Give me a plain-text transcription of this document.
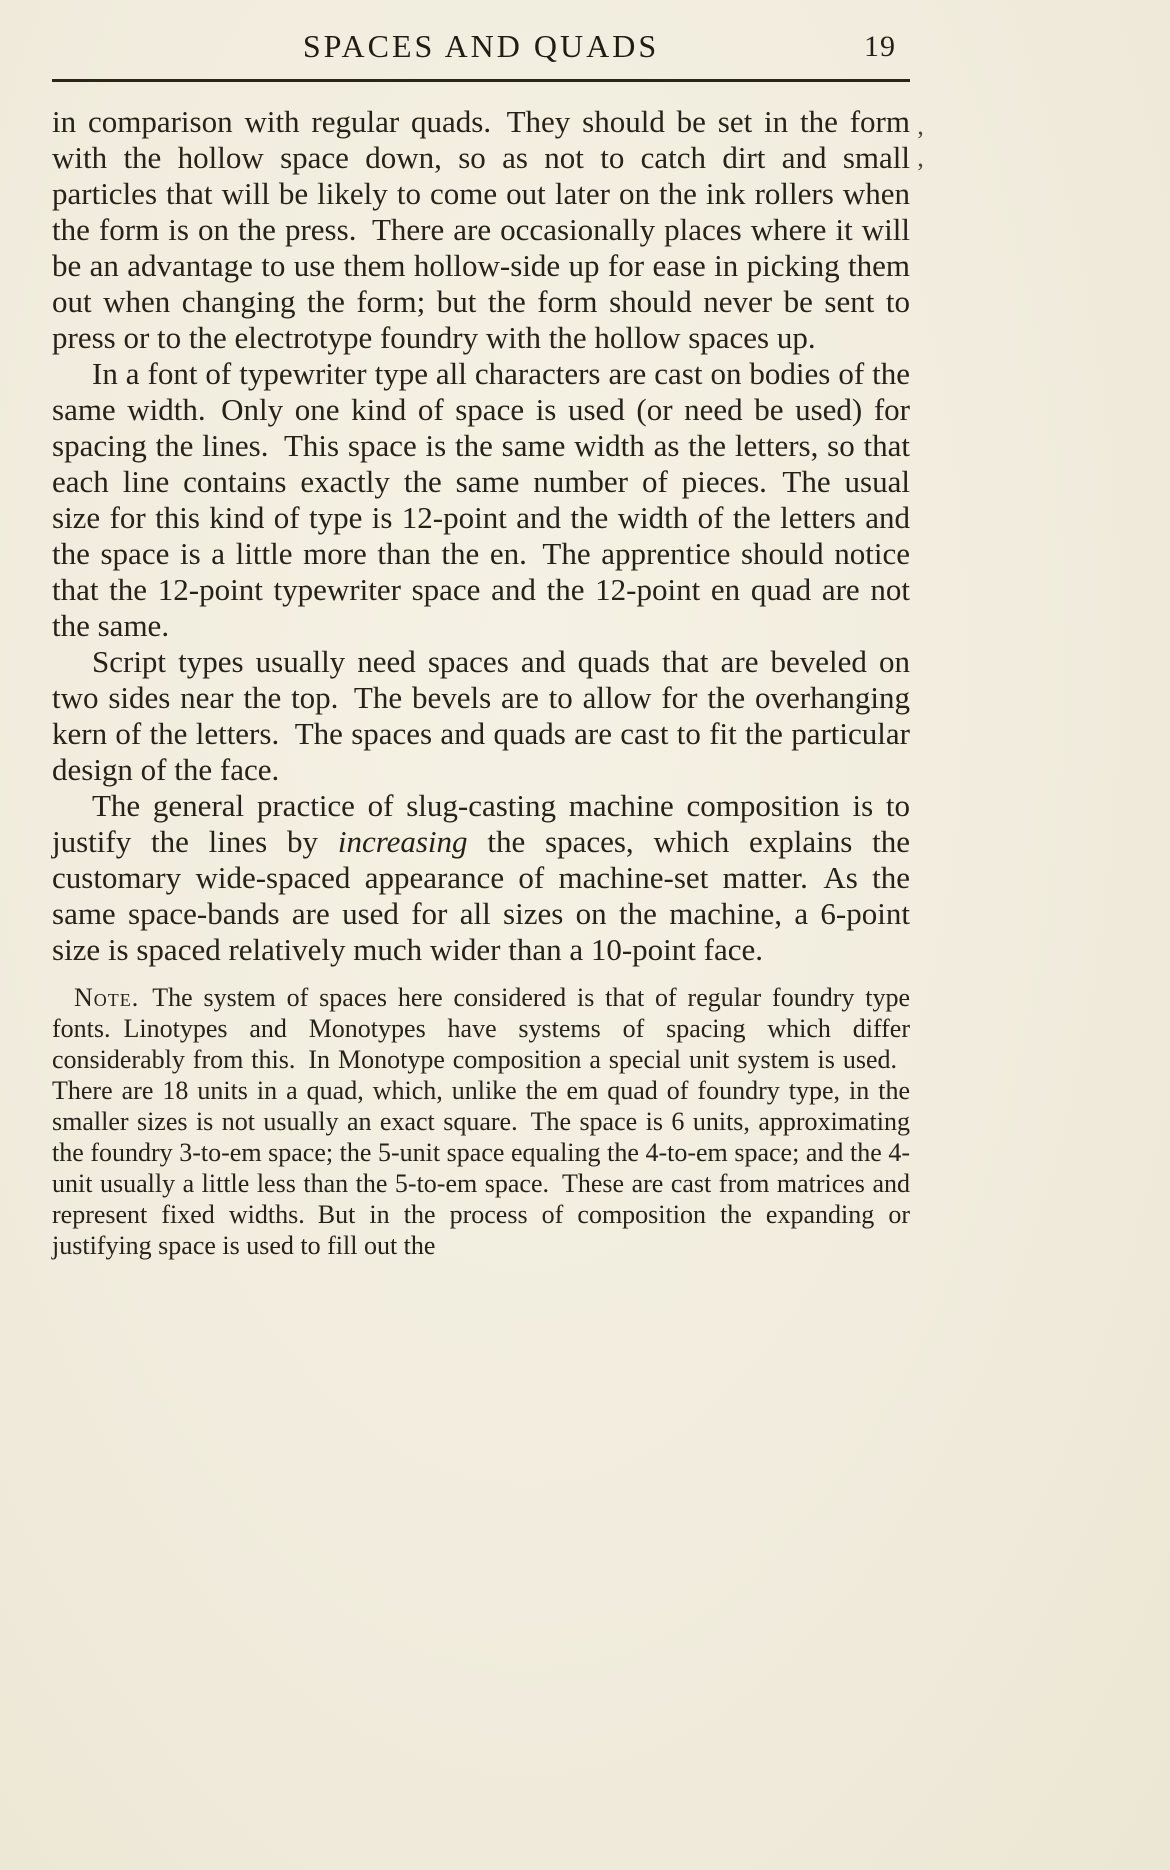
SPACES AND QUADS	19

in comparison with regular quads. They should be set in the form with the hollow space down, so as not to catch dirt and small particles that will be likely to come out later on the ink rollers when the form is on the press. There are occasionally places where it will be an advantage to use them hollow-side up for ease in picking them out when changing the form; but the form should never be sent to press or to the electrotype foundry with the hollow spaces up.

In a font of typewriter type all characters are cast on bodies of the same width. Only one kind of space is used (or need be used) for spacing the lines. This space is the same width as the letters, so that each line contains exactly the same number of pieces. The usual size for this kind of type is 12-point and the width of the letters and the space is a little more than the en. The apprentice should notice that the 12-point typewriter space and the 12-point en quad are not the same.

Script types usually need spaces and quads that are beveled on two sides near the top. The bevels are to allow for the overhanging kern of the letters. The spaces and quads are cast to fit the particular design of the face.

The general practice of slug-casting machine composition is to justify the lines by increasing the spaces, which explains the customary wide-spaced appearance of machine-set matter. As the same space-bands are used for all sizes on the machine, a 6-point size is spaced relatively much wider than a 10-point face.

Note. The system of spaces here considered is that of regular foundry type fonts. Linotypes and Monotypes have systems of spacing which differ considerably from this. In Monotype composition a special unit system is used. There are 18 units in a quad, which, unlike the em quad of foundry type, in the smaller sizes is not usually an exact square. The space is 6 units, approximating the foundry 3-to-em space; the 5-unit space equaling the 4-to-em space; and the 4-unit usually a little less than the 5-to-em space. These are cast from matrices and represent fixed widths. But in the process of composition the expanding or justifying space is used to fill out the

’
’
